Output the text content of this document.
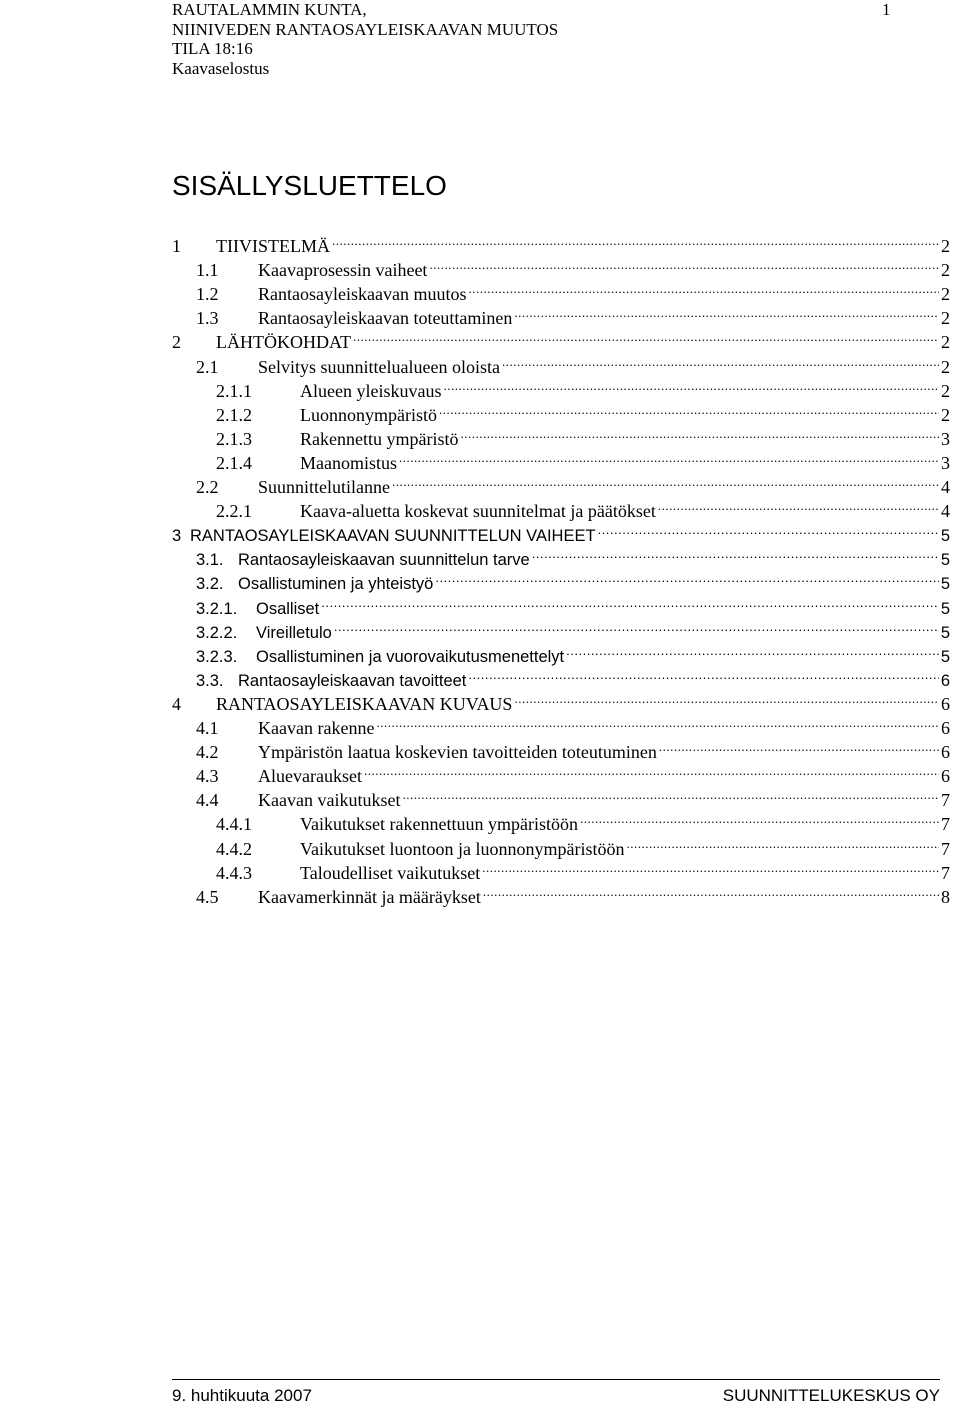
RAUTALAMMIN KUNTA,
NIINIVEDEN RANTAOSAYLEISKAAVAN MUUTOS
TILA 18:16
Kaavaselostus
1
SISÄLLYSLUETTELO
1	TIIVISTELMÄ .....	2
1.1	Kaavaprosessin vaiheet .....	2
1.2	Rantaosayleiskaavan muutos .....	2
1.3	Rantaosayleiskaavan toteuttaminen .....	2
2	LÄHTÖKOHDAT .....	2
2.1	Selvitys suunnittelualueen oloista .....	2
2.1.1	Alueen yleiskuvaus .....	2
2.1.2	Luonnonympäristö .....	2
2.1.3	Rakennettu ympäristö .....	3
2.1.4	Maanomistus .....	3
2.2	Suunnittelutilanne .....	4
2.2.1	Kaava-aluetta koskevat suunnitelmat ja päätökset .....	4
3 RANTAOSAYLEISKAAVAN SUUNNITTELUN VAIHEET .....	5
3.1. Rantaosayleiskaavan suunnittelun tarve .....	5
3.2. Osallistuminen ja yhteistyö .....	5
3.2.1.	Osalliset .....	5
3.2.2.	Vireilletulo .....	5
3.2.3.	Osallistuminen ja vuorovaikutusmenettelyt .....	5
3.3. Rantaosayleiskaavan tavoitteet .....	6
4	RANTAOSAYLEISKAAVAN KUVAUS .....	6
4.1	Kaavan rakenne .....	6
4.2	Ympäristön laatua koskevien tavoitteiden toteutuminen .....	6
4.3	Aluevaraukset .....	6
4.4	Kaavan vaikutukset .....	7
4.4.1	Vaikutukset rakennettuun ympäristöön .....	7
4.4.2	Vaikutukset luontoon ja luonnonympäristöön .....	7
4.4.3	Taloudelliset vaikutukset .....	7
4.5	Kaavamerkinnät ja määräykset .....	8
9. huhtikuuta 2007	SUUNNITTELUKESKUS OY
